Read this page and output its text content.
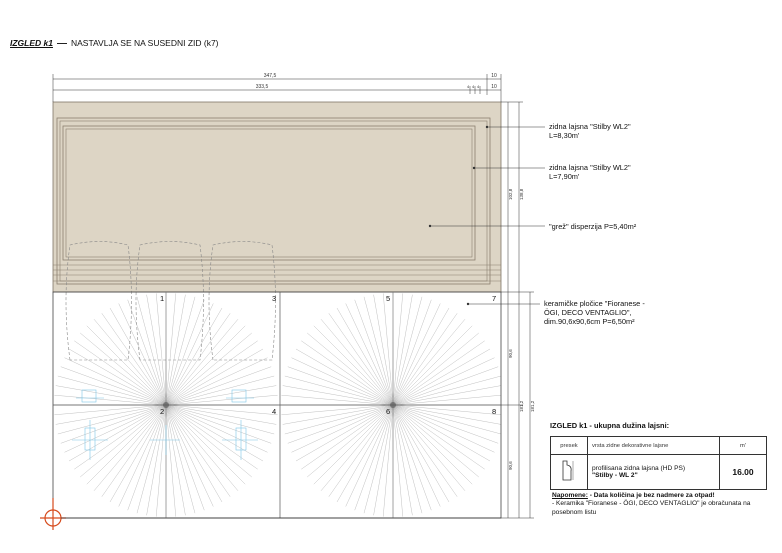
347,5
333,5
10
10
4 4 4
138,8
102,8
90,6
90,6
181,2 181,2
1
2
3
4
5
6
7
8
IZGLED k1 NASTAVLJA SE NA SUSEDNI ZID (k7)
zidna lajsna "Stilby WL2"
L=8,30m'
zidna lajsna "Stilby WL2"
L=7,90m'
"grež" disperzija P=5,40m²
keramičke pločice "Fioranese -
ÖGI, DECO VENTAGLIO",
dim.90,6x90,6cm P=6,50m²
IZGLED k1 - ukupna dužina lajsni:
presek	vrsta zidne dekorativne lajsne	m'

profilisana zidna lajsna (HD PS)
"Stilby - WL 2"	16.00
Napomene: - Data količina je bez nadmere za otpad!
- Keramika "Fioranese - ÖGI, DECO VENTAGLIO" je obračunata na posebnom listu
